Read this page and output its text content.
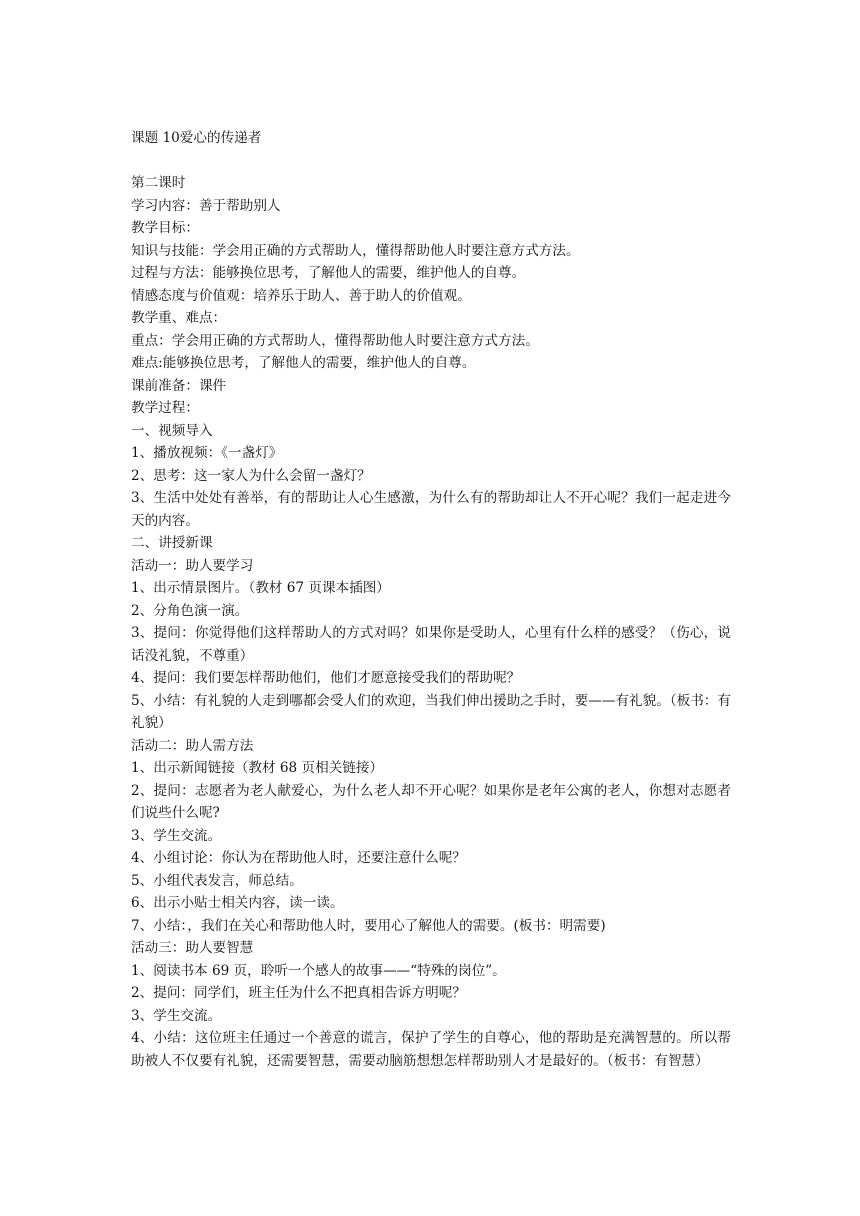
课题 10爱心的传递者
第二课时
学习内容：善于帮助别人
教学目标：
知识与技能：学会用正确的方式帮助人，懂得帮助他人时要注意方式方法。
过程与方法：能够换位思考，了解他人的需要，维护他人的自尊。
情感态度与价值观：培养乐于助人、善于助人的价值观。
教学重、难点：
重点：学会用正确的方式帮助人，懂得帮助他人时要注意方式方法。
难点:能够换位思考，了解他人的需要，维护他人的自尊。
课前准备：课件
教学过程：
一、视频导入
1、播放视频：《一盏灯》
2、思考：这一家人为什么会留一盏灯？
3、生活中处处有善举，有的帮助让人心生感激，为什么有的帮助却让人不开心呢？我们一起走进今天的内容。
二、讲授新课
活动一：助人要学习
1、出示情景图片。（教材 67 页课本插图）
2、分角色演一演。
3、提问：你觉得他们这样帮助人的方式对吗？如果你是受助人，心里有什么样的感受？（伤心，说话没礼貌，不尊重）
4、提问：我们要怎样帮助他们，他们才愿意接受我们的帮助呢？
5、小结：有礼貌的人走到哪都会受人们的欢迎，当我们伸出援助之手时，要——有礼貌。（板书：有礼貌）
活动二：助人需方法
1、出示新闻链接（教材 68 页相关链接）
2、提问：志愿者为老人献爱心，为什么老人却不开心呢？如果你是老年公寓的老人，你想对志愿者们说些什么呢?
3、学生交流。
4、小组讨论：你认为在帮助他人时，还要注意什么呢？
5、小组代表发言，师总结。
6、出示小贴士相关内容，读一读。
7、小结：，我们在关心和帮助他人时，要用心了解他人的需要。(板书：明需要)
活动三：助人要智慧
1、阅读书本 69 页，聆听一个感人的故事——“特殊的岗位”。
2、提问：同学们，班主任为什么不把真相告诉方明呢？
3、学生交流。
4、小结：这位班主任通过一个善意的谎言，保护了学生的自尊心，他的帮助是充满智慧的。所以帮助被人不仅要有礼貌，还需要智慧，需要动脑筋想想怎样帮助别人才是最好的。（板书：有智慧）
